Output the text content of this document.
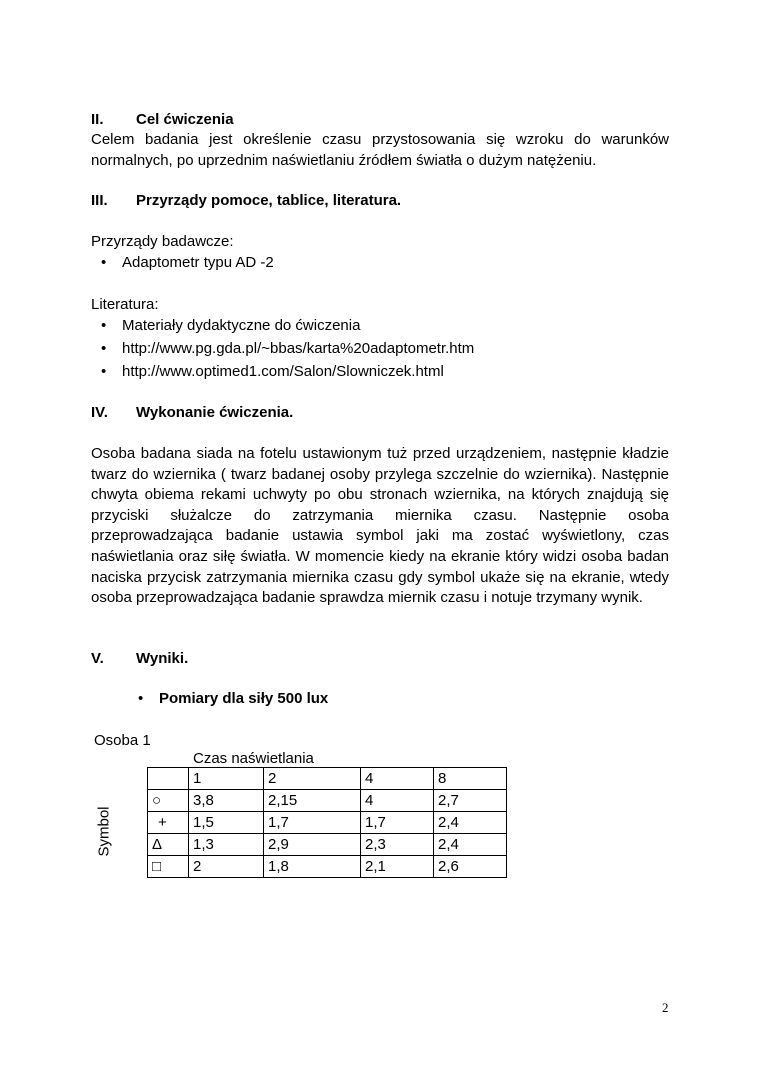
II. Cel ćwiczenia
Celem badania jest określenie czasu przystosowania się wzroku do warunków normalnych, po uprzednim naświetlaniu źródłem światła o dużym natężeniu.
III. Przyrządy pomoce, tablice, literatura.
Przyrządy badawcze:
• Adaptometr typu AD -2
Literatura:
• Materiały dydaktyczne do ćwiczenia
• http://www.pg.gda.pl/~bbas/karta%20adaptometr.htm
• http://www.optimed1.com/Salon/Slowniczek.html
IV. Wykonanie ćwiczenia.
Osoba badana siada na fotelu ustawionym tuż przed urządzeniem, następnie kładzie twarz do wziernika ( twarz badanej osoby przylega szczelnie do wziernika). Następnie chwyta obiema rekami uchwyty po obu stronach wziernika, na których znajdują się przyciski służalcze do zatrzymania miernika czasu. Następnie osoba przeprowadzająca badanie ustawia symbol jaki ma zostać wyświetlony, czas naświetlania oraz siłę światła. W momencie kiedy na ekranie który widzi osoba badan naciska przycisk zatrzymania miernika czasu gdy symbol ukaże się na ekranie, wtedy osoba przeprowadzająca badanie sprawdza miernik czasu i notuje trzymany wynik.
V. Wyniki.
• Pomiary dla siły 500 lux
Osoba 1
Czas naświetlania
Symbol
	1	2	4	8
○	3,8	2,15	4	2,7
+	1,5	1,7	1,7	2,4
Δ	1,3	2,9	2,3	2,4
□	2	1,8	2,1	2,6
2
